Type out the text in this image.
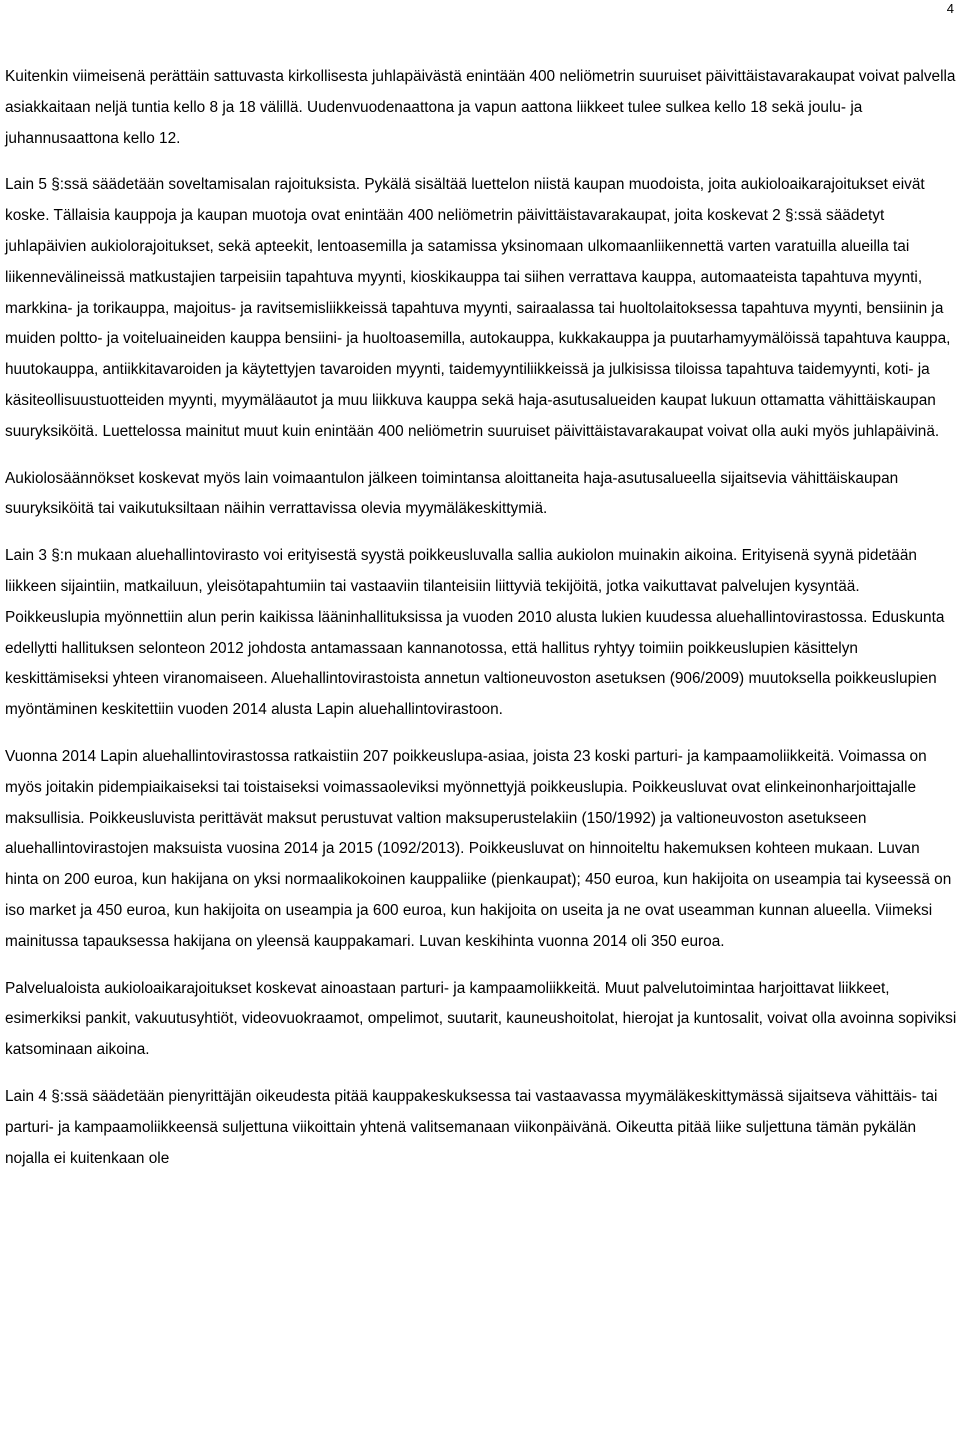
4

Kuitenkin viimeisenä perättäin sattuvasta kirkollisesta juhlapäivästä enintään 400 neliömetrin suuruiset päivittäistavarakaupat voivat palvella asiakkaitaan neljä tuntia kello 8 ja 18 välillä. Uudenvuodenaattona ja vapun aattona liikkeet tulee sulkea kello 18 sekä joulu- ja juhannusaattona kello 12.

Lain 5 §:ssä säädetään soveltamisalan rajoituksista. Pykälä sisältää luettelon niistä kaupan muodoista, joita aukioloaikarajoitukset eivät koske. Tällaisia kauppoja ja kaupan muotoja ovat enintään 400 neliömetrin päivittäistavarakaupat, joita koskevat 2 §:ssä säädetyt juhlapäivien aukiolorajoitukset, sekä apteekit, lentoasemilla ja satamissa yksinomaan ulkomaanliikennettä varten varatuilla alueilla tai liikennevälineissä matkustajien tarpeisiin tapahtuva myynti, kioskikauppa tai siihen verrattava kauppa, automaateista tapahtuva myynti, markkina- ja torikauppa, majoitus- ja ravitsemisliikkeissä tapahtuva myynti, sairaalassa tai huoltolaitoksessa tapahtuva myynti, bensiinin ja muiden poltto- ja voiteluaineiden kauppa bensiini- ja huoltoasemilla, autokauppa, kukkakauppa ja puutarhamyymälöissä tapahtuva kauppa, huutokauppa, antiikkitavaroiden ja käytettyjen tavaroiden myynti, taidemyyntiliikkeissä ja julkisissa tiloissa tapahtuva taidemyynti, koti- ja käsiteollisuustuotteiden myynti, myymäläautot ja muu liikkuva kauppa sekä haja-asutusalueiden kaupat lukuun ottamatta vähittäiskaupan suuryksiköitä. Luettelossa mainitut muut kuin enintään 400 neliömetrin suuruiset päivittäistavarakaupat voivat olla auki myös juhlapäivinä.

Aukiolosäännökset koskevat myös lain voimaantulon jälkeen toimintansa aloittaneita haja-asutusalueella sijaitsevia vähittäiskaupan suuryksiköitä tai vaikutuksiltaan näihin verrattavissa olevia myymäläkeskittymiä.

Lain 3 §:n mukaan aluehallintovirasto voi erityisestä syystä poikkeusluvalla sallia aukiolon muinakin aikoina. Erityisenä syynä pidetään liikkeen sijaintiin, matkailuun, yleisötapahtumiin tai vastaaviin tilanteisiin liittyviä tekijöitä, jotka vaikuttavat palvelujen kysyntää. Poikkeuslupia myönnettiin alun perin kaikissa lääninhallituksissa ja vuoden 2010 alusta lukien kuudessa aluehallintovirastossa. Eduskunta edellytti hallituksen selonteon 2012 johdosta antamassaan kannanotossa, että hallitus ryhtyy toimiin poikkeuslupien käsittelyn keskittämiseksi yhteen viranomaiseen. Aluehallintovirastoista annetun valtioneuvoston asetuksen (906/2009) muutoksella poikkeuslupien myöntäminen keskitettiin vuoden 2014 alusta Lapin aluehallintovirastoon.

Vuonna 2014 Lapin aluehallintovirastossa ratkaistiin 207 poikkeuslupa-asiaa, joista 23 koski parturi- ja kampaamoliikkeitä. Voimassa on myös joitakin pidempiaikaiseksi tai toistaiseksi voimassaoleviksi myönnettyjä poikkeuslupia. Poikkeusluvat ovat elinkeinonharjoittajalle maksullisia. Poikkeusluvista perittävät maksut perustuvat valtion maksuperustelakiin (150/1992) ja valtioneuvoston asetukseen aluehallintovirastojen maksuista vuosina 2014 ja 2015 (1092/2013). Poikkeusluvat on hinnoiteltu hakemuksen kohteen mukaan. Luvan hinta on 200 euroa, kun hakijana on yksi normaalikokoinen kauppaliike (pienkaupat); 450 euroa, kun hakijoita on useampia tai kyseessä on iso market ja 450 euroa, kun hakijoita on useampia ja 600 euroa, kun hakijoita on useita ja ne ovat useamman kunnan alueella. Viimeksi mainitussa tapauksessa hakijana on yleensä kauppakamari. Luvan keskihinta vuonna 2014 oli 350 euroa.

Palvelualoista aukioloaikarajoitukset koskevat ainoastaan parturi- ja kampaamoliikkeitä. Muut palvelutoimintaa harjoittavat liikkeet, esimerkiksi pankit, vakuutusyhtiöt, videovuokraamot, ompelimot, suutarit, kauneushoitolat, hierojat ja kuntosalit, voivat olla avoinna sopiviksi katsominaan aikoina.

Lain 4 §:ssä säädetään pienyrittäjän oikeudesta pitää kauppakeskuksessa tai vastaavassa myymäläkeskittymässä sijaitseva vähittäis- tai parturi- ja kampaamoliikkeensä suljettuna viikoittain yhtenä valitsemanaan viikonpäivänä. Oikeutta pitää liike suljettuna tämän pykälän nojalla ei kuitenkaan ole
